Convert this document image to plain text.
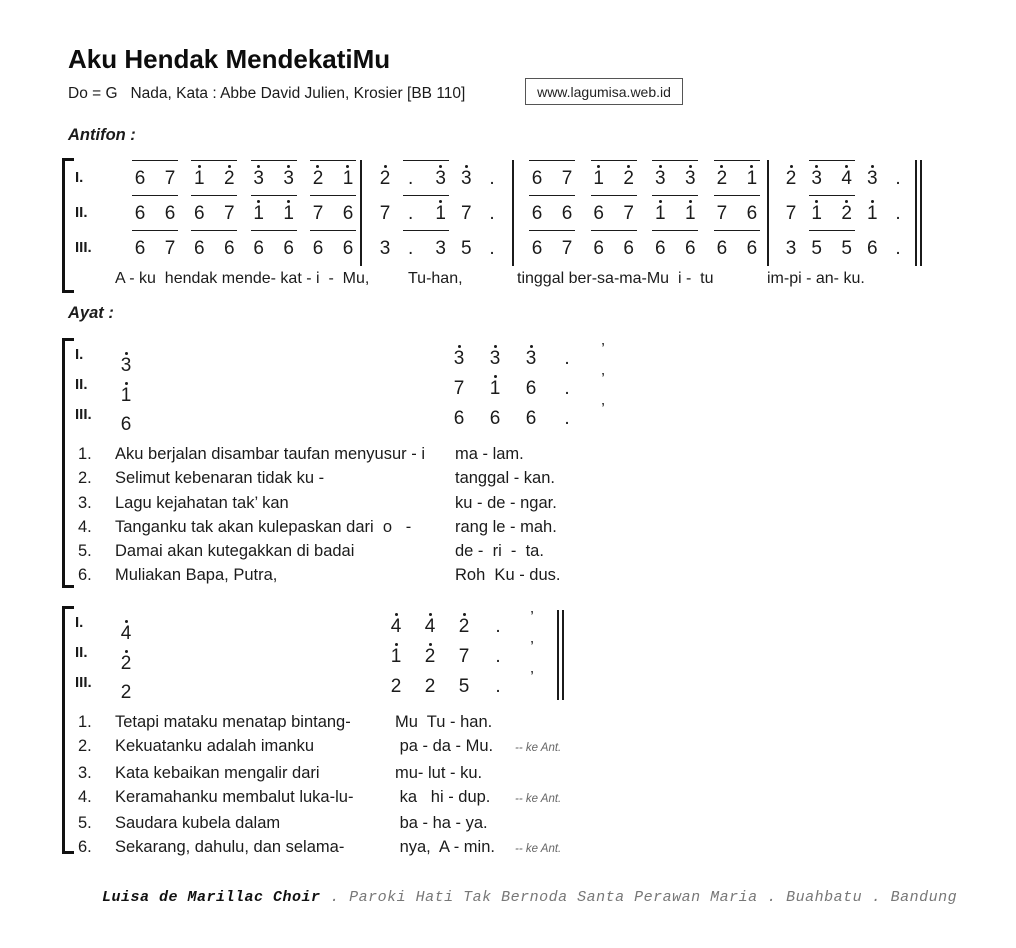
Aku Hendak MendekatiMu
Do = G   Nada, Kata : Abbe David Julien, Krosier [BB 110]	www.lagumisa.web.id
Antifon :
I.
II.
III.
6 7 1 2 3 3 2 1
6 6 6 7 1 1 7 6
6 7 6 6 6 6 6 6
2 . 3 3 .
7 . 1 7 .
3 . 3 5 .
6 7 1 2 3 3 2 1
6 6 6 7 1 1 7 6
6 7 6 6 6 6 6 6
2 3 4 3 .
7 1 2 1 .
3 5 5 6 .
A - ku  hendak mende- kat - i  -  Mu,	Tu-han,	tinggal ber-sa-ma-Mu  i -  tu	im-pi - an- ku.
Ayat :
I.
3	3 3 3 . ’
II.
1	7 1 6 . ’
III.	6	6 6 6 . ’
1.	Aku berjalan disambar taufan menyusur - i	ma - lam.
2.	Selimut kebenaran tidak ku -	tanggal - kan.
3.	Lagu kejahatan tak’ kan	ku - de - ngar.
4.	Tanganku tak akan kulepaskan dari  o   -	rang le - mah.
5.	Damai akan kutegakkan di badai	de -  ri  -  ta.
6.	Muliakan Bapa, Putra,	Roh  Ku - dus.
I.
4	4 4 2 . ’
II.
2	1 2 7 . ’
III.	2	2 2 5 . ’
1.	Tetapi mataku menatap bintang-	Mu  Tu - han.
2.	Kekuatanku adalah imanku	pa - da - Mu.	-- ke Ant.
3.	Kata kebaikan mengalir dari	mu- lut - ku.
4.	Keramahanku membalut luka-lu-	ka   hi - dup.	-- ke Ant.
5.	Saudara kubela dalam	ba - ha - ya.
6.	Sekarang, dahulu, dan selama-	nya,  A - min.	-- ke Ant.

Luisa de Marillac Choir . Paroki Hati Tak Bernoda Santa Perawan Maria . Buahbatu . Bandung
